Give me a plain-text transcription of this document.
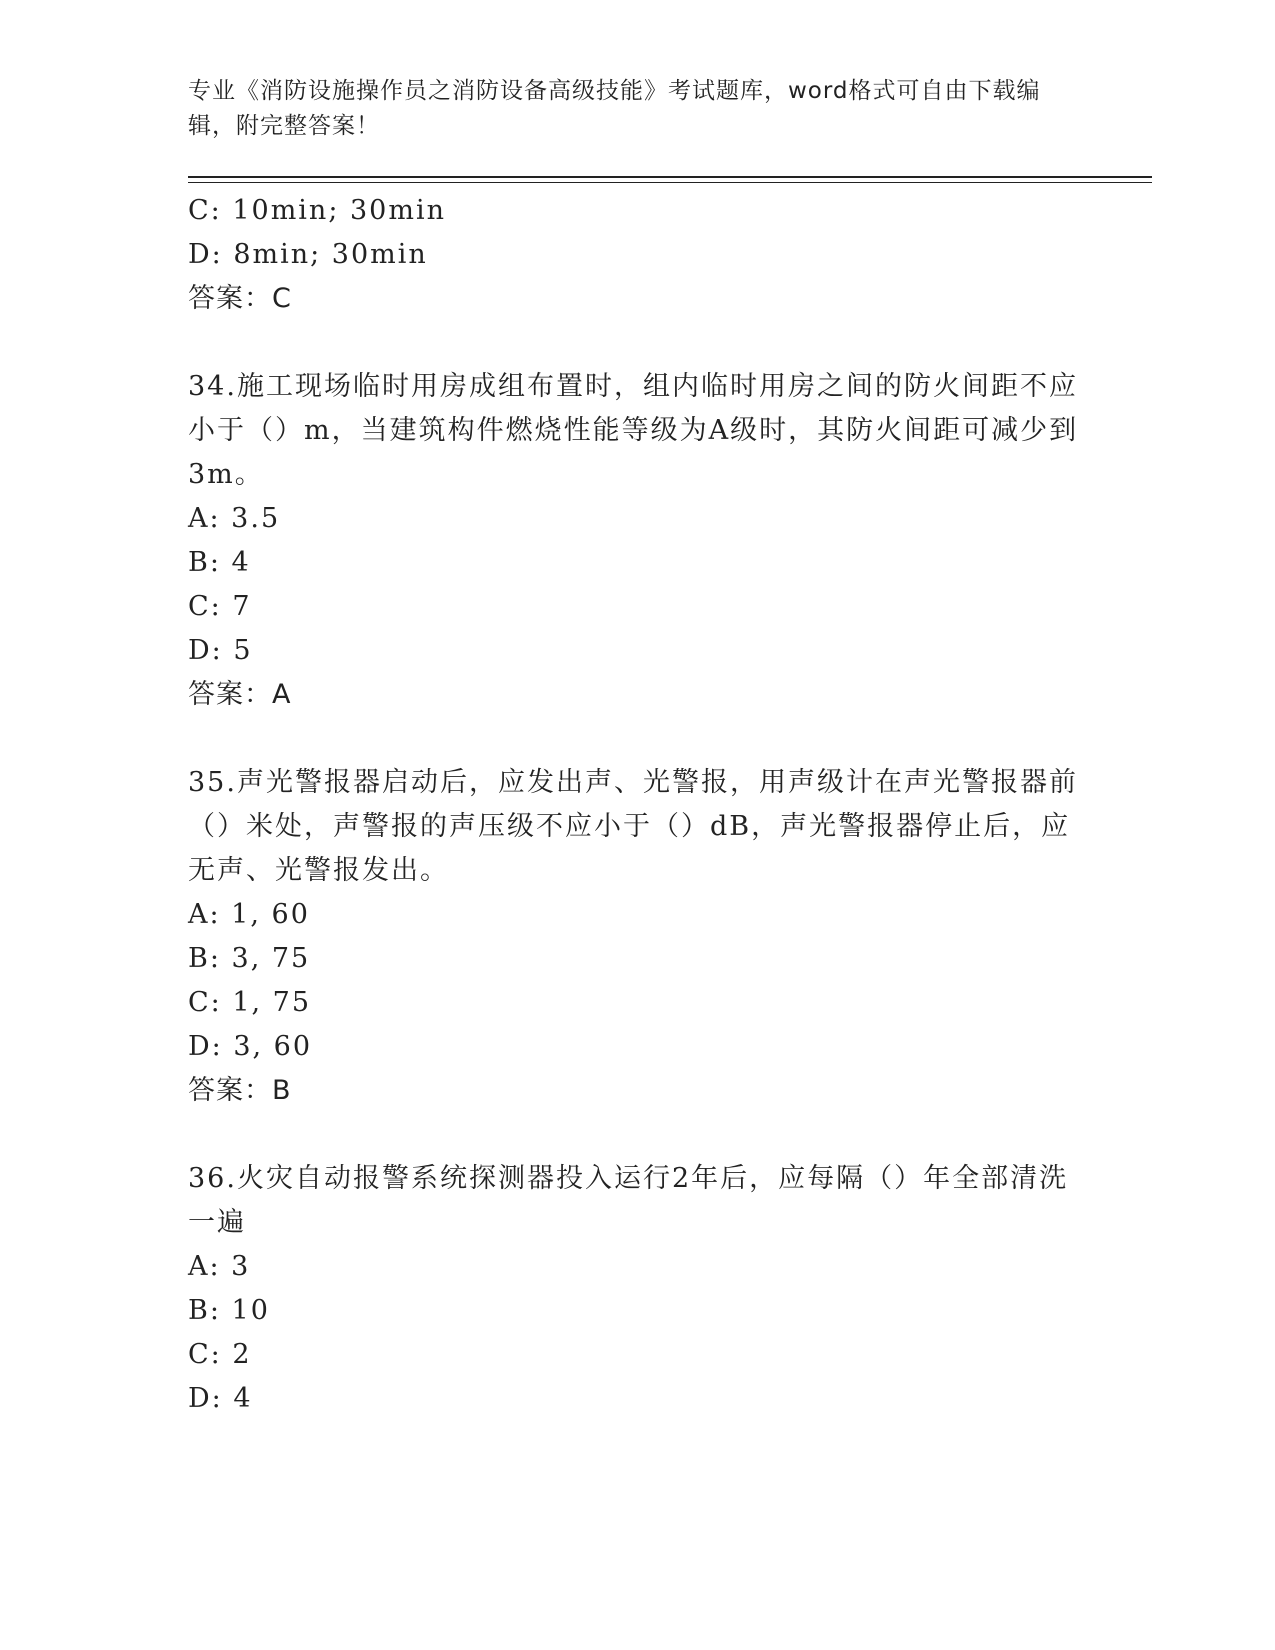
专业《消防设施操作员之消防设备高级技能》考试题库，word格式可自由下载编
辑，附完整答案！
C: 10min; 30min
D: 8min; 30min
答案：C
34.施工现场临时用房成组布置时，组内临时用房之间的防火间距不应
小于（）m，当建筑构件燃烧性能等级为A级时，其防火间距可减少到
3m。
A: 3.5
B: 4
C: 7
D: 5
答案：A
35.声光警报器启动后，应发出声、光警报，用声级计在声光警报器前
（）米处，声警报的声压级不应小于（）dB，声光警报器停止后，应
无声、光警报发出。
A: 1, 60
B: 3, 75
C: 1, 75
D: 3, 60
答案：B
36.火灾自动报警系统探测器投入运行2年后，应每隔（）年全部清洗
一遍
A: 3
B: 10
C: 2
D: 4
